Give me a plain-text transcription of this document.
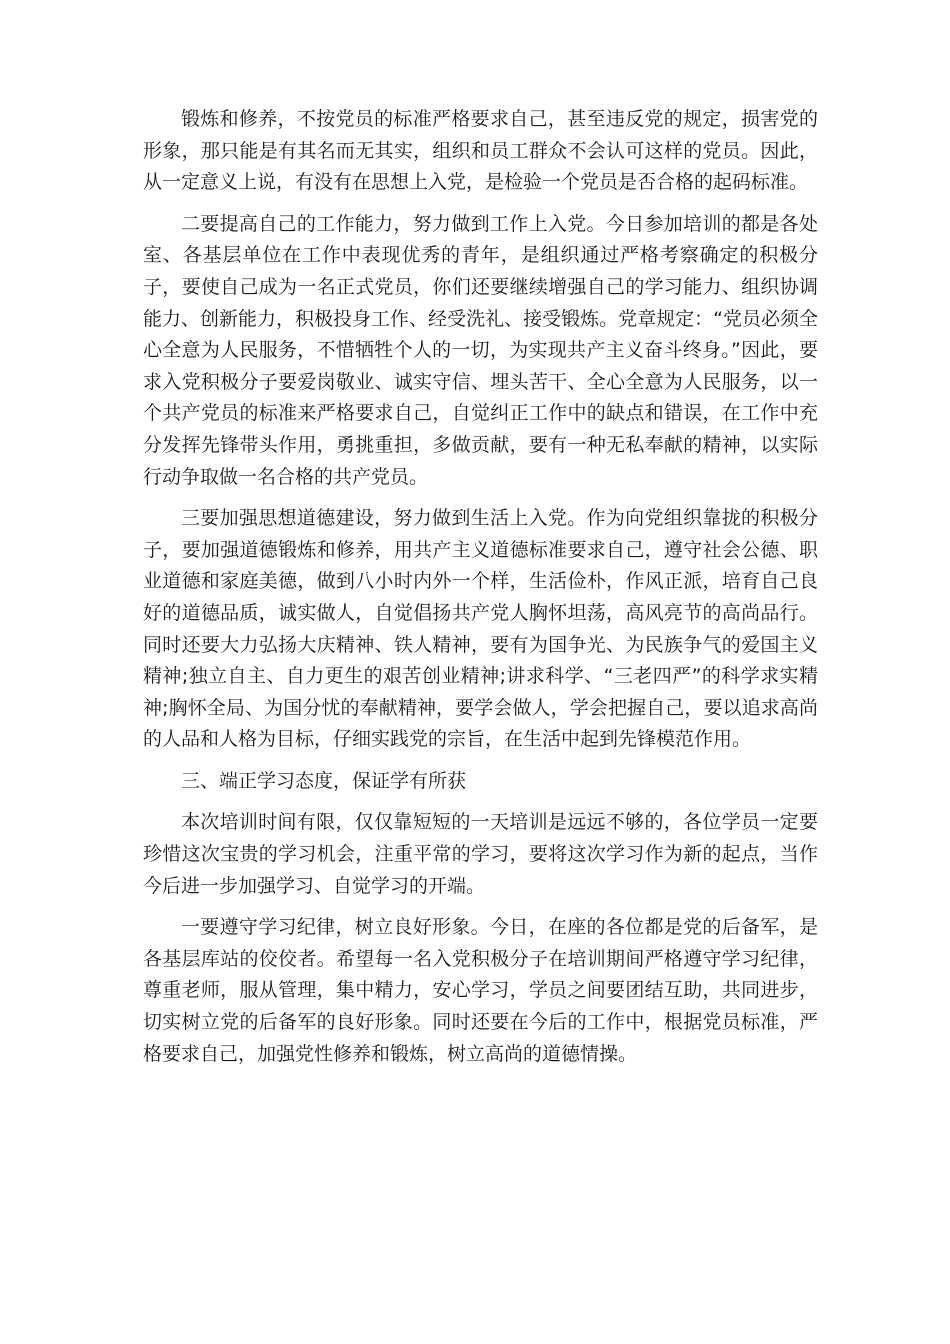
锻炼和修养，不按党员的标准严格要求自己，甚至违反党的规定，损害党的形象，那只能是有其名而无其实，组织和员工群众不会认可这样的党员。因此，从一定意义上说，有没有在思想上入党，是检验一个党员是否合格的起码标准。

二要提高自己的工作能力，努力做到工作上入党。今日参加培训的都是各处室、各基层单位在工作中表现优秀的青年，是组织通过严格考察确定的积极分子，要使自己成为一名正式党员，你们还要继续增强自己的学习能力、组织协调能力、创新能力，积极投身工作、经受洗礼、接受锻炼。党章规定：“党员必须全心全意为人民服务，不惜牺牲个人的一切，为实现共产主义奋斗终身。”因此，要求入党积极分子要爱岗敬业、诚实守信、埋头苦干、全心全意为人民服务，以一个共产党员的标准来严格要求自己，自觉纠正工作中的缺点和错误，在工作中充分发挥先锋带头作用，勇挑重担，多做贡献，要有一种无私奉献的精神，以实际行动争取做一名合格的共产党员。

三要加强思想道德建设，努力做到生活上入党。作为向党组织靠拢的积极分子，要加强道德锻炼和修养，用共产主义道德标准要求自己，遵守社会公德、职业道德和家庭美德，做到八小时内外一个样，生活俭朴，作风正派，培育自己良好的道德品质，诚实做人，自觉倡扬共产党人胸怀坦荡，高风亮节的高尚品行。同时还要大力弘扬大庆精神、铁人精神，要有为国争光、为民族争气的爱国主义精神;独立自主、自力更生的艰苦创业精神;讲求科学、“三老四严”的科学求实精神;胸怀全局、为国分忧的奉献精神，要学会做人，学会把握自己，要以追求高尚的人品和人格为目标，仔细实践党的宗旨，在生活中起到先锋模范作用。

三、端正学习态度，保证学有所获

本次培训时间有限，仅仅靠短短的一天培训是远远不够的，各位学员一定要珍惜这次宝贵的学习机会，注重平常的学习，要将这次学习作为新的起点，当作今后进一步加强学习、自觉学习的开端。

一要遵守学习纪律，树立良好形象。今日，在座的各位都是党的后备军，是各基层库站的佼佼者。希望每一名入党积极分子在培训期间严格遵守学习纪律，尊重老师，服从管理，集中精力，安心学习，学员之间要团结互助，共同进步，切实树立党的后备军的良好形象。同时还要在今后的工作中，根据党员标准，严格要求自己，加强党性修养和锻炼，树立高尚的道德情操。
